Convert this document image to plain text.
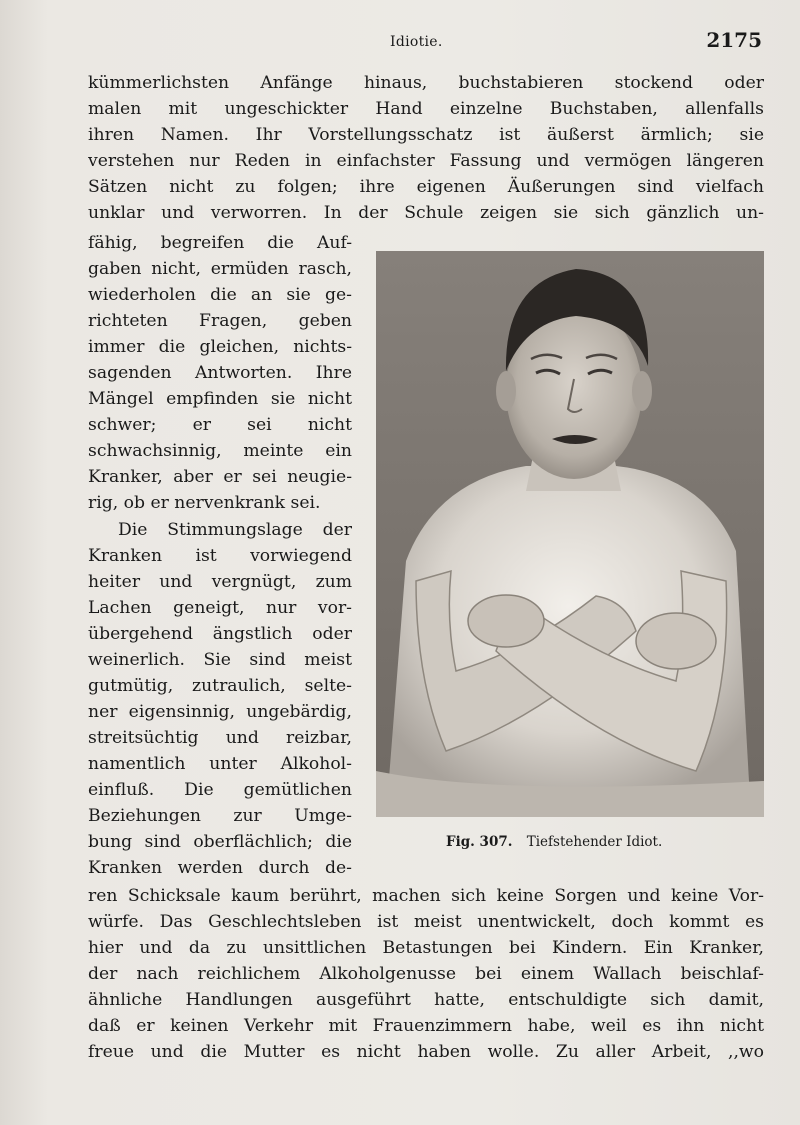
Idiotie.	2175
kümmerlichsten Anfänge hinaus, buchstabieren stockend oder
malen mit ungeschickter Hand einzelne Buchstaben, allenfalls
ihren Namen. Ihr Vorstellungsschatz ist äußerst ärmlich; sie
verstehen nur Reden in einfachster Fassung und vermögen längeren
Sätzen nicht zu folgen; ihre eigenen Äußerungen sind vielfach
unklar und verworren. In der Schule zeigen sie sich gänzlich un-
fähig, begreifen die Auf-
gaben nicht, ermüden rasch,
wiederholen die an sie ge-
richteten Fragen, geben
immer die gleichen, nichts-
sagenden Antworten. Ihre
Mängel empfinden sie nicht
schwer; er sei nicht
schwachsinnig, meinte ein
Kranker, aber er sei neugie-
rig, ob er nervenkrank sei.
Die Stimmungslage der
Kranken ist vorwiegend
heiter und vergnügt, zum
Lachen geneigt, nur vor-
übergehend ängstlich oder
weinerlich. Sie sind meist
gutmütig, zutraulich, selte-
ner eigensinnig, ungebärdig,
streitsüchtig und reizbar,
namentlich unter Alkohol-
einfluß. Die gemütlichen
Beziehungen zur Umge-
bung sind oberflächlich; die
Kranken werden durch de-
ren Schicksale kaum berührt, machen sich keine Sorgen und keine Vor-
würfe. Das Geschlechtsleben ist meist unentwickelt, doch kommt es
hier und da zu unsittlichen Betastungen bei Kindern. Ein Kranker,
der nach reichlichem Alkoholgenusse bei einem Wallach beischlaf-
ähnliche Handlungen ausgeführt hatte, entschuldigte sich damit,
daß er keinen Verkehr mit Frauenzimmern habe, weil es ihn nicht
freue und die Mutter es nicht haben wolle. Zu aller Arbeit, ,,wo
Fig. 307. Tiefstehender Idiot.
